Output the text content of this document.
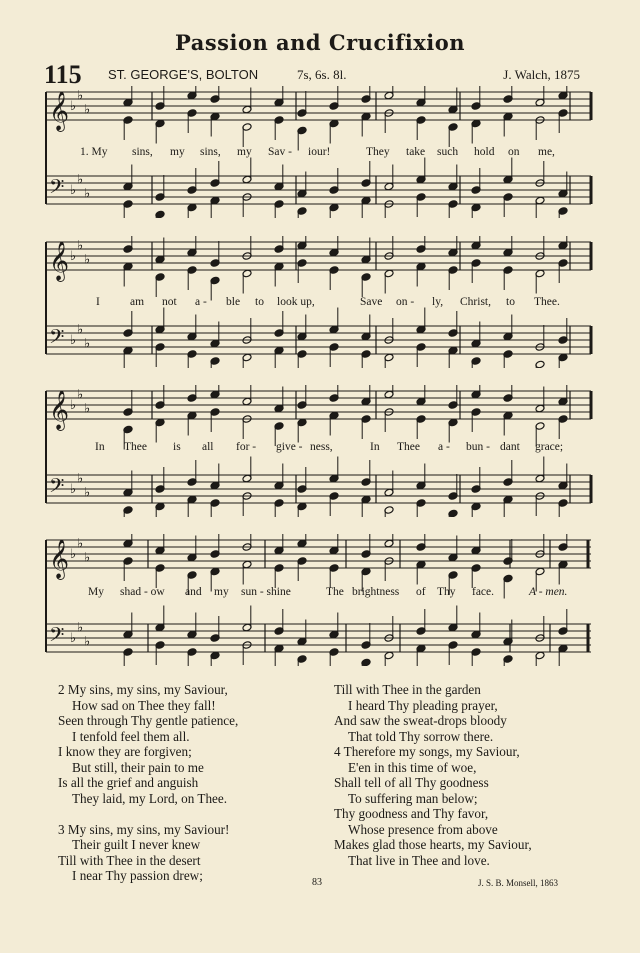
Passion and Crucifixion
115 ST. GEORGE'S, BOLTON	7s, 6s. 8l.	J. Walch, 1875
𝄞 ♭
♭
♭
𝄢 ♭
♭
♭
1. My sins, my sins, my Sav - iour!	They take such hold on me,
𝄞 ♭
♭
♭
𝄢 ♭
♭
♭
I	am not a - ble to look up,	Save on - ly, Christ, to Thee.
𝄞 ♭
♭
♭
𝄢 ♭
♭
♭
In Thee is all for - give - ness,	In Thee a - bun - dant grace;
𝄞 ♭
♭
♭
𝄢 ♭
♭
♭
My shad - ow and my sun - shine	The brightness of Thy face.	A - men.
2 My sins, my sins, my Saviour,
How sad on Thee they fall!
Seen through Thy gentle patience,
I tenfold feel them all.
I know they are forgiven;
But still, their pain to me
Is all the grief and anguish
They laid, my Lord, on Thee.
3 My sins, my sins, my Saviour!
Their guilt I never knew
Till with Thee in the desert
I near Thy passion drew;
Till with Thee in the garden
I heard Thy pleading prayer,
And saw the sweat-drops bloody
That told Thy sorrow there.
4 Therefore my songs, my Saviour,
E'en in this time of woe,
Shall tell of all Thy goodness
To suffering man below;
Thy goodness and Thy favor,
Whose presence from above
Makes glad those hearts, my Saviour,
That live in Thee and love.
83	J. S. B. Monsell, 1863
